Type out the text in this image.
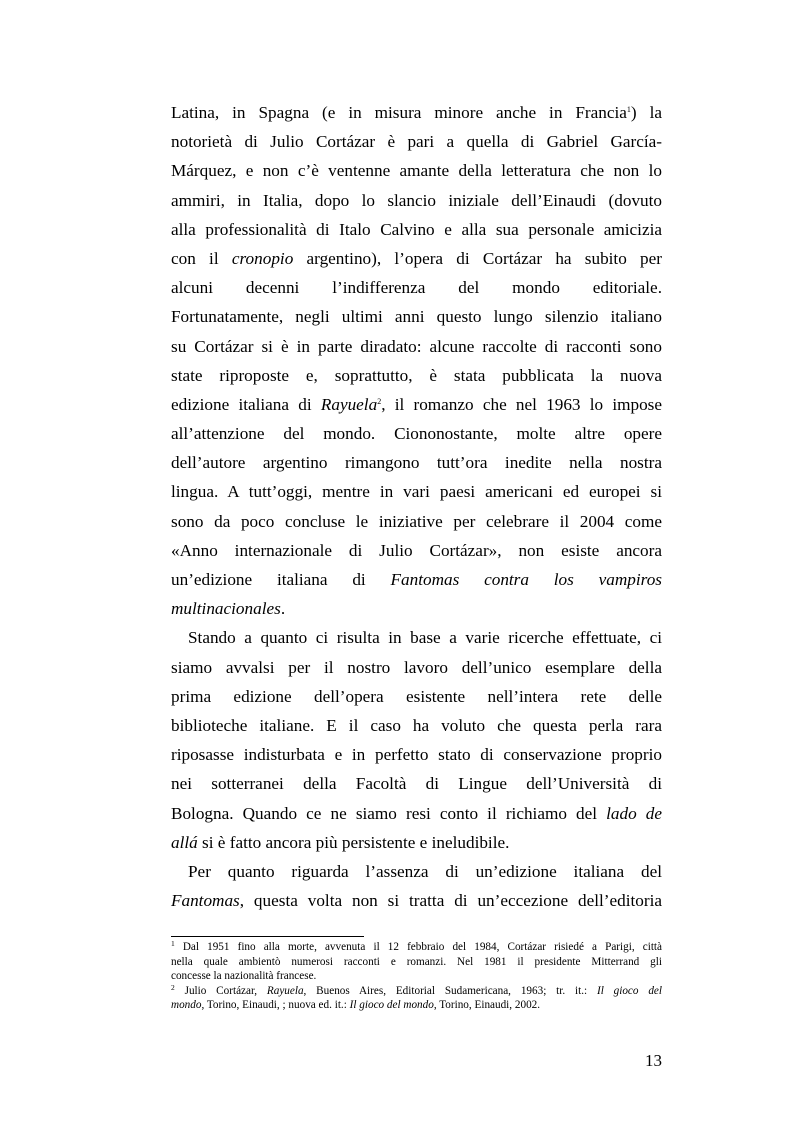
Latina, in Spagna (e in misura minore anche in Francia$^1$) la
notorietà di Julio Cortázar è pari a quella di Gabriel García-
Márquez, e non c’è ventenne amante della letteratura che non lo
ammiri, in Italia, dopo lo slancio iniziale dell’Einaudi (dovuto
alla professionalità di Italo Calvino e alla sua personale amicizia
con il cronopio argentino), l’opera di Cortázar ha subito per
alcuni decenni l’indifferenza del mondo editoriale.
Fortunatamente, negli ultimi anni questo lungo silenzio italiano
su Cortázar si è in parte diradato: alcune raccolte di racconti sono
state riproposte e, soprattutto, è stata pubblicata la nuova
edizione italiana di Rayuela$^2$, il romanzo che nel 1963 lo impose
all’attenzione del mondo. Ciononostante, molte altre opere
dell’autore argentino rimangono tutt’ora inedite nella nostra
lingua. A tutt’oggi, mentre in vari paesi americani ed europei si
sono da poco concluse le iniziative per celebrare il 2004 come
«Anno internazionale di Julio Cortázar», non esiste ancora
un’edizione italiana di Fantomas contra los vampiros
multinacionales.
Stando a quanto ci risulta in base a varie ricerche effettuate, ci
siamo avvalsi per il nostro lavoro dell’unico esemplare della
prima edizione dell’opera esistente nell’intera rete delle
biblioteche italiane. E il caso ha voluto che questa perla rara
riposasse indisturbata e in perfetto stato di conservazione proprio
nei sotterranei della Facoltà di Lingue dell’Università di
Bologna. Quando ce ne siamo resi conto il richiamo del lado de
allá si è fatto ancora più persistente e ineludibile.
Per quanto riguarda l’assenza di un’edizione italiana del
Fantomas, questa volta non si tratta di un’eccezione dell’editoria
$^1$ Dal 1951 fino alla morte, avvenuta il 12 febbraio del 1984, Cortázar risiedé a Parigi, città
nella quale ambientò numerosi racconti e romanzi. Nel 1981 il presidente Mitterrand gli
concesse la nazionalità francese.
$^2$ Julio Cortázar, Rayuela, Buenos Aires, Editorial Sudamericana, 1963; tr. it.: Il gioco del
mondo, Torino, Einaudi, ; nuova ed. it.: Il gioco del mondo, Torino, Einaudi, 2002.
13
